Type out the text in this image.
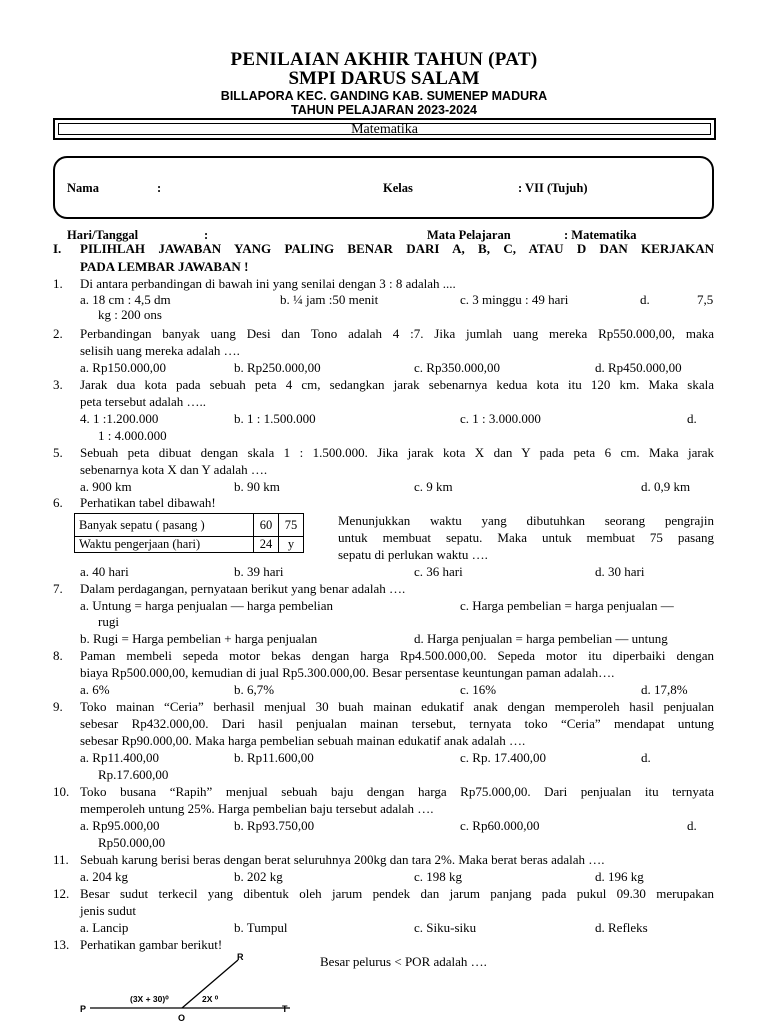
PENILAIAN AKHIR TAHUN (PAT)
SMPI DARUS SALAM
BILLAPORA KEC. GANDING KAB. SUMENEP MADURA
TAHUN PELAJARAN 2023-2024
Matematika
Nama	:	Kelas	: VII (Tujuh)
Hari/Tanggal	:	Mata Pelajaran	: Matematika
I. PILIHLAH JAWABAN YANG PALING BENAR DARI A, B, C, ATAU D DAN KERJAKAN
PADA LEMBAR JAWABAN !
1. Di antara perbandingan di bawah ini yang senilai dengan 3 : 8 adalah ....
a. 18 cm : 4,5 dm	b. ¼ jam :50 menit	c. 3 minggu : 49 hari	d.	7,5
kg : 200 ons
2. Perbandingan banyak uang Desi dan Tono adalah 4 :7. Jika jumlah uang mereka Rp550.000,00, maka
selisih uang mereka adalah ….
a. Rp150.000,00	b. Rp250.000,00	c. Rp350.000,00	d. Rp450.000,00
3. Jarak dua kota pada sebuah peta 4 cm, sedangkan jarak sebenarnya kedua kota itu 120 km. Maka skala
peta tersebut adalah …..
4. 1 :1.200.000	b. 1 : 1.500.000	c. 1 : 3.000.000	d.
1 : 4.000.000
5. Sebuah peta dibuat dengan skala 1 : 1.500.000. Jika jarak kota X dan Y pada peta 6 cm. Maka jarak
sebenarnya kota X dan Y adalah ….
a. 900 km	b. 90 km	c. 9 km	d. 0,9 km
6. Perhatikan tabel dibawah!
Banyak sepatu ( pasang )	60	75
Waktu pengerjaan (hari)	24	y
Menunjukkan waktu yang dibutuhkan seorang pengrajin
untuk membuat sepatu. Maka untuk membuat 75 pasang
sepatu di perlukan waktu ….
a. 40 hari	b. 39 hari	c. 36 hari	d. 30 hari
7. Dalam perdagangan, pernyataan berikut yang benar adalah ….
a. Untung = harga penjualan — harga pembelian	c. Harga pembelian = harga penjualan —
rugi
b. Rugi = Harga pembelian + harga penjualan	d. Harga penjualan = harga pembelian — untung
8. Paman membeli sepeda motor bekas dengan harga Rp4.500.000,00. Sepeda motor itu diperbaiki dengan
biaya Rp500.000,00, kemudian di jual Rp5.300.000,00. Besar persentase keuntungan paman adalah….
a. 6%	b. 6,7%	c. 16%	d. 17,8%
9. Toko mainan “Ceria” berhasil menjual 30 buah mainan edukatif anak dengan memperoleh hasil penjualan
sebesar Rp432.000,00. Dari hasil penjualan mainan tersebut, ternyata toko “Ceria” mendapat untung
sebesar Rp90.000,00. Maka harga pembelian sebuah mainan edukatif anak adalah ….
a. Rp11.400,00	b. Rp11.600,00	c. Rp. 17.400,00	d.
Rp.17.600,00
10. Toko busana “Rapih” menjual sebuah baju dengan harga Rp75.000,00. Dari penjualan itu ternyata
memperoleh untung 25%. Harga pembelian baju tersebut adalah ….
a. Rp95.000,00	b. Rp93.750,00	c. Rp60.000,00	d.
Rp50.000,00
11. Sebuah karung berisi beras dengan berat seluruhnya 200kg dan tara 2%. Maka berat beras adalah ….
a. 204 kg	b. 202 kg	c. 198 kg	d. 196 kg
12. Besar sudut terkecil yang dibentuk oleh jarum pendek dan jarum panjang pada pukul 09.30 merupakan
jenis sudut
a. Lancip	b. Tumpul	c. Siku-siku	d. Refleks
13. Perhatikan gambar berikut!
Besar pelurus < POR adalah ….
P	T
R
O
(3X + 30)⁰	2X ⁰
